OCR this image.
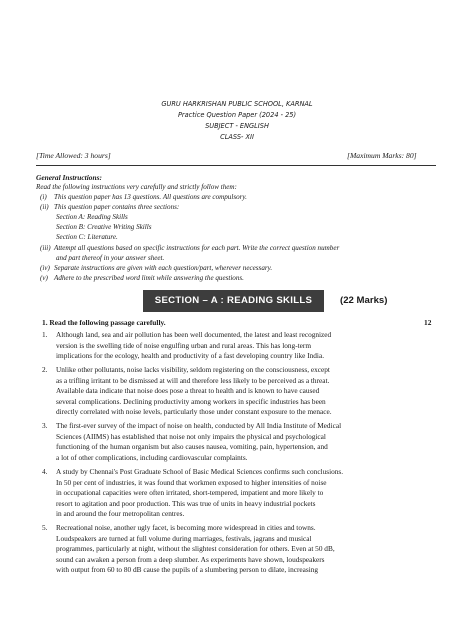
GURU HARKRISHAN PUBLIC SCHOOL, KARNAL
Practice Question Paper (2024 - 25)
SUBJECT - ENGLISH
CLASS- XII
[Time Allowed: 3 hours]	[Maximum Marks: 80]
General Instructions:
Read the following instructions very carefully and strictly follow them:
(i) This question paper has 13 questions. All questions are compulsory.
(ii) This question paper contains three sections:
Section A: Reading Skills
Section B: Creative Writing Skills
Section C: Literature.
(iii) Attempt all questions based on specific instructions for each part. Write the correct question number
and part thereof in your answer sheet.
(iv) Separate instructions are given with each question/part, wherever necessary.
(v) Adhere to the prescribed word limit while answering the questions.
SECTION – A : READING SKILLS	(22 Marks)
1. Read the following passage carefully.	12
1. Although land, sea and air pollution has been well documented, the latest and least recognized
version is the swelling tide of noise engulfing urban and rural areas. This has long-term
implications for the ecology, health and productivity of a fast developing country like India.
2. Unlike other pollutants, noise lacks visibility, seldom registering on the consciousness, except
as a trifling irritant to be dismissed at will and therefore less likely to be perceived as a threat.
Available data indicate that noise does pose a threat to health and is known to have caused
several complications. Declining productivity among workers in specific industries has been
directly correlated with noise levels, particularly those under constant exposure to the menace.
3. The first-ever survey of the impact of noise on health, conducted by All India Institute of Medical
Sciences (AIIMS) has established that noise not only impairs the physical and psychological
functioning of the human organism but also causes nausea, vomiting, pain, hypertension, and
a lot of other complications, including cardiovascular complaints.
4. A study by Chennai's Post Graduate School of Basic Medical Sciences confirms such conclusions.
In 50 per cent of industries, it was found that workmen exposed to higher intensities of noise
in occupational capacities were often irritated, short-tempered, impatient and more likely to
resort to agitation and poor production. This was true of units in heavy industrial pockets
in and around the four metropolitan centres.
5. Recreational noise, another ugly facet, is becoming more widespread in cities and towns.
Loudspeakers are turned at full volume during marriages, festivals, jagrans and musical
programmes, particularly at night, without the slightest consideration for others. Even at 50 dB,
sound can awaken a person from a deep slumber. As experiments have shown, loudspeakers
with output from 60 to 80 dB cause the pupils of a slumbering person to dilate, increasing
